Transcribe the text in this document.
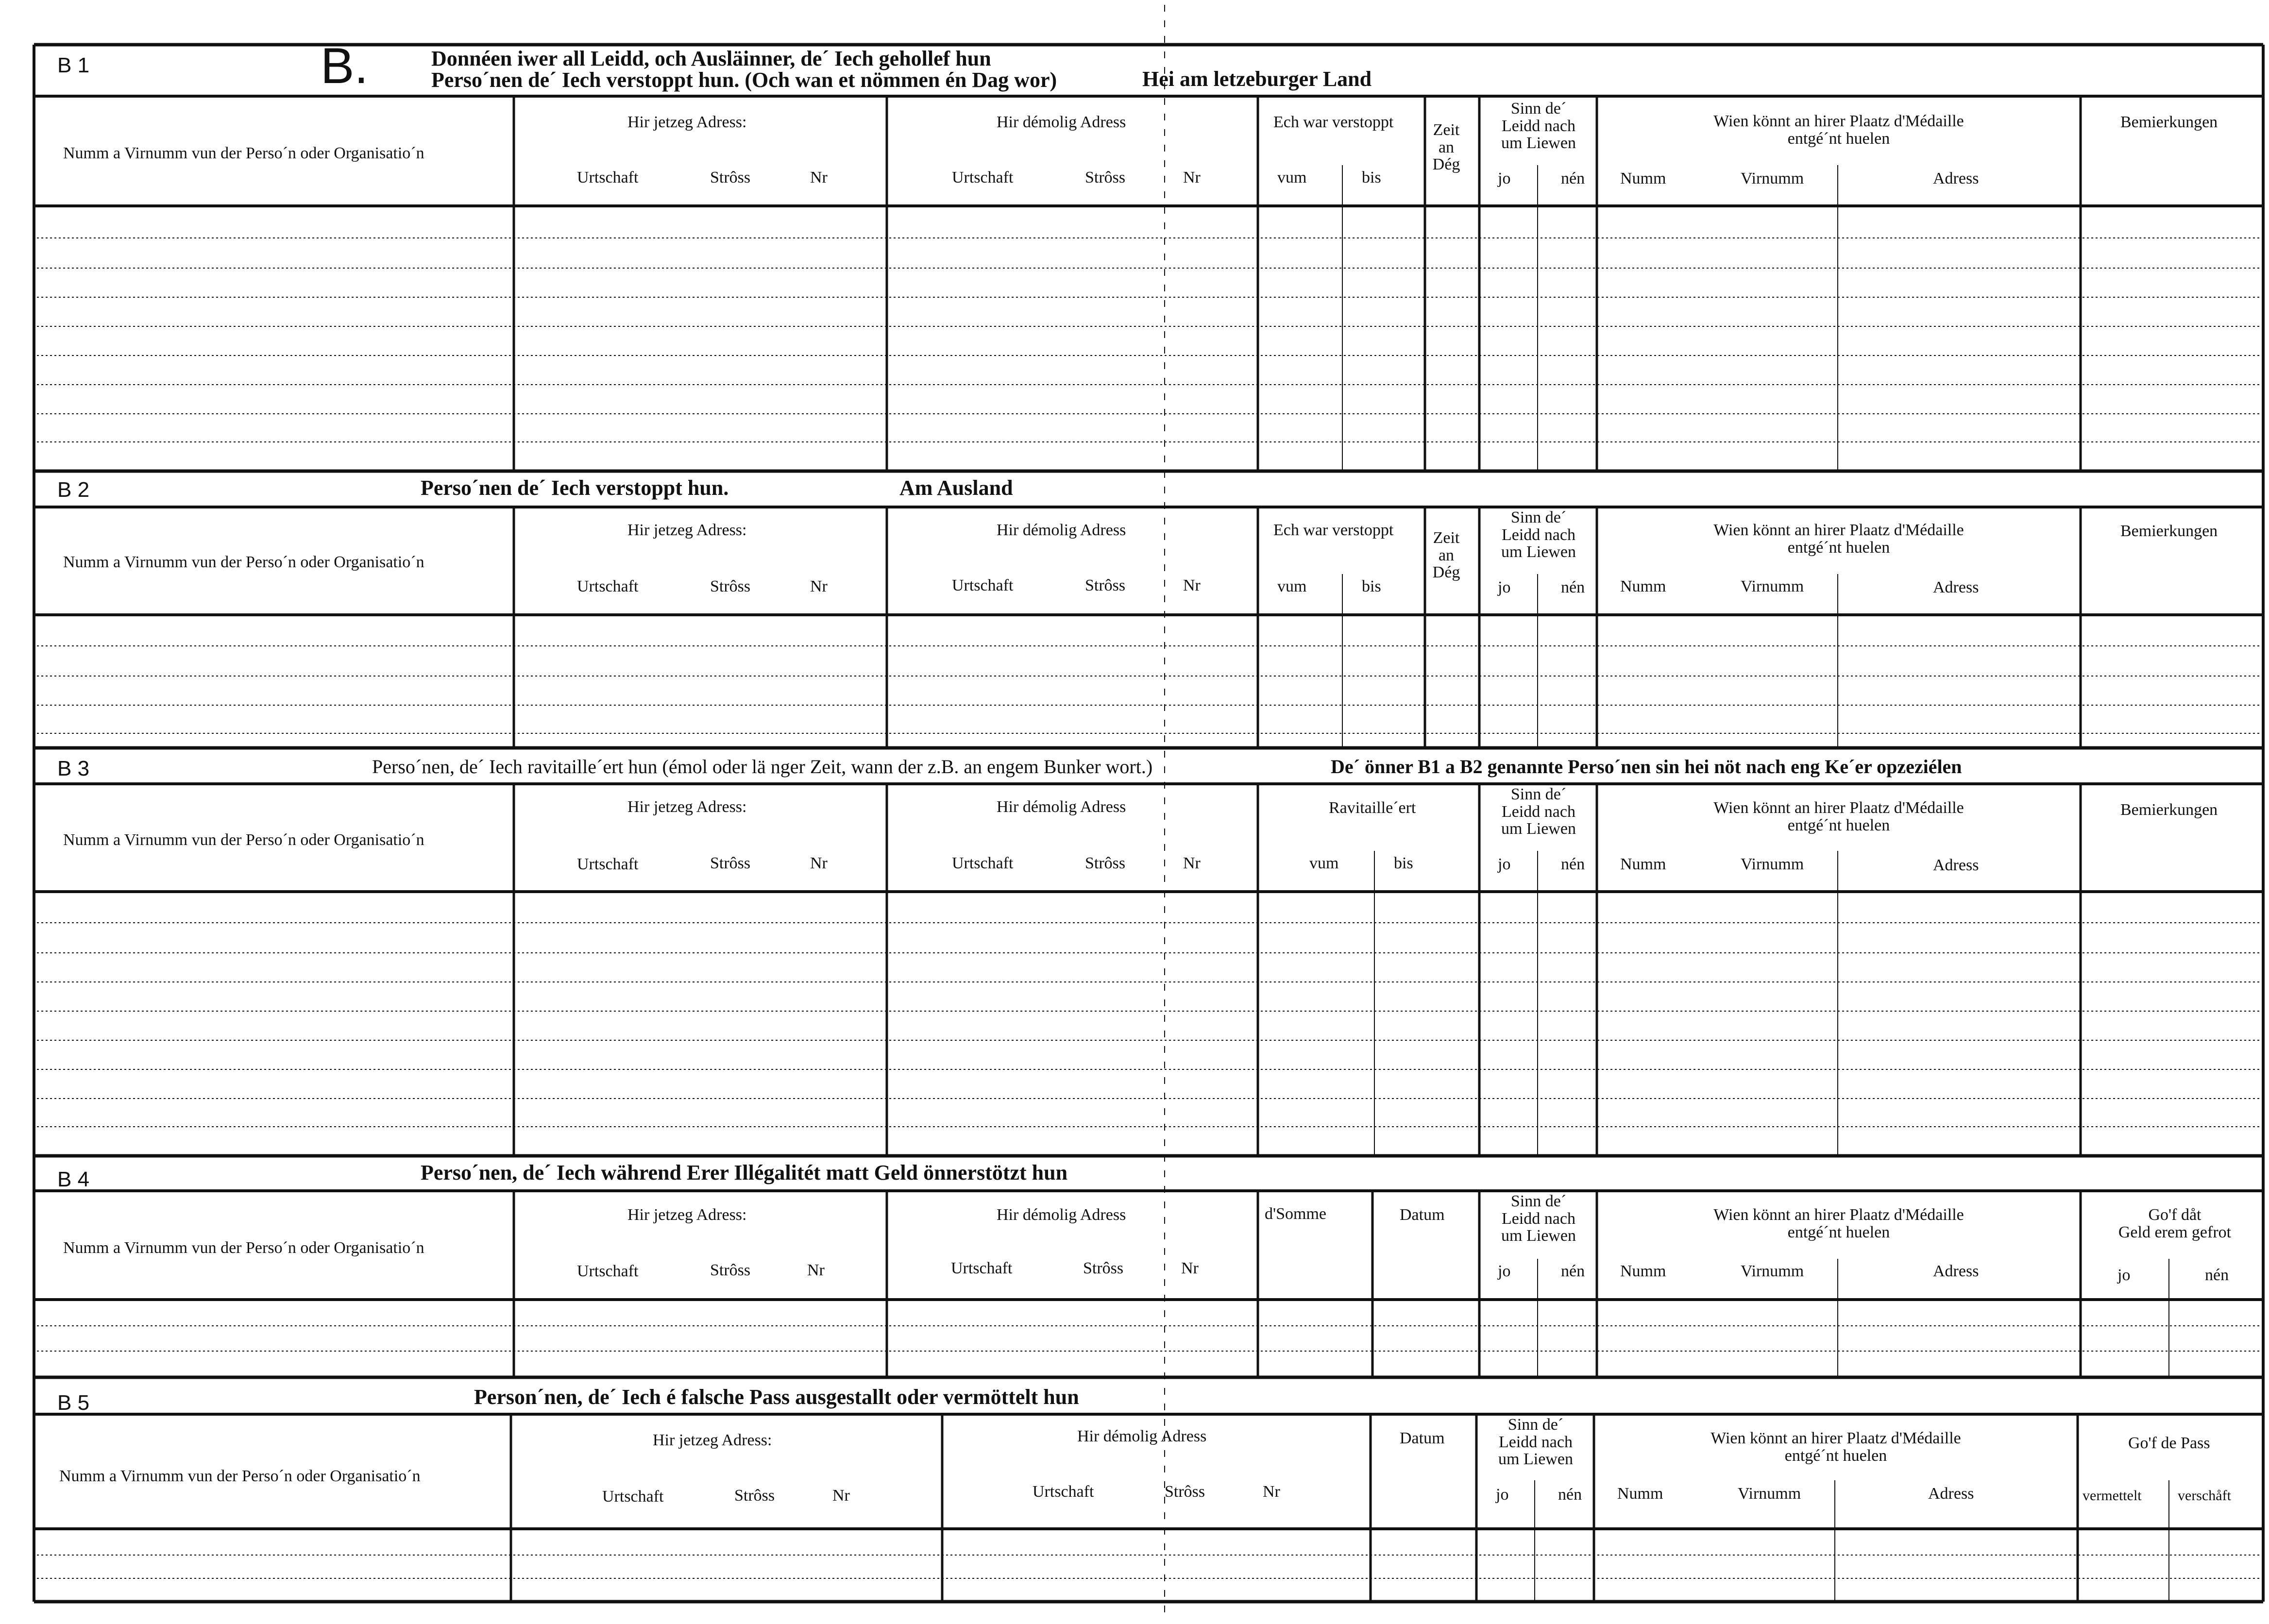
B 1	B.	Donnéen iwer all Leidd, och Ausläinner, de´ Iech gehollef hun
Perso´nen de´ Iech verstoppt hun. (Och wan et nömmen én Dag wor)	Hei am letzeburger Land
Numm a Virnumm vun der Perso´n oder Organisatio´n
Hir jetzeg Adress:
Urtschaft	Strôss	Nr
Hir démolig Adress
Urtschaft	Strôss	Nr
Ech war verstoppt
vum	bis
Zeit
an
Dég
Sinn de´
Leidd nach
um Liewen
jo	nén
Wien könnt an hirer Plaatz d'Médaille
entgé´nt huelen
Numm	Virnumm	Adress
Bemierkungen
B 2	Perso´nen de´ Iech verstoppt hun.	Am Ausland
Numm a Virnumm vun der Perso´n oder Organisatio´n
Hir jetzeg Adress:
Urtschaft	Strôss	Nr
Hir démolig Adress
Urtschaft	Strôss	Nr
Ech war verstoppt
vum	bis
Zeit
an
Dég
Sinn de´
Leidd nach
um Liewen
jo	nén
Wien könnt an hirer Plaatz d'Médaille
entgé´nt huelen
Numm	Virnumm	Adress
Bemierkungen
B 3	Perso´nen, de´ Iech ravitaille´ert hun (émol oder lä nger Zeit, wann der z.B. an engem Bunker wort.)	De´ önner B1 a B2 genannte Perso´nen sin hei nöt nach eng Ke´er opzeziélen
Numm a Virnumm vun der Perso´n oder Organisatio´n
Hir jetzeg Adress:
Urtschaft	Strôss	Nr
Hir démolig Adress
Urtschaft	Strôss	Nr
Ravitaille´ert
vum	bis
Sinn de´
Leidd nach
um Liewen
jo	nén
Wien könnt an hirer Plaatz d'Médaille
entgé´nt huelen
Numm	Virnumm	Adress
Bemierkungen
B 4	Perso´nen, de´ Iech während Erer Illégalitét matt Geld önnerstötzt hun
Numm a Virnumm vun der Perso´n oder Organisatio´n
Hir jetzeg Adress:
Urtschaft	Strôss	Nr
Hir démolig Adress
Urtschaft	Strôss	Nr
d'Somme	Datum
Sinn de´
Leidd nach
um Liewen
jo	nén
Wien könnt an hirer Plaatz d'Médaille
entgé´nt huelen
Numm	Virnumm	Adress
Go'f dåt
Geld erem gefrot
jo	nén
B 5	Person´nen, de´ Iech é falsche Pass ausgestallt oder vermöttelt hun
Numm a Virnumm vun der Perso´n oder Organisatio´n
Hir jetzeg Adress:
Urtschaft	Strôss	Nr
Hir démolig Adress
Urtschaft	Strôss	Nr
Datum
Sinn de´
Leidd nach
um Liewen
jo	nén
Wien könnt an hirer Plaatz d'Médaille
entgé´nt huelen
Numm	Virnumm	Adress
Go'f de Pass
vermettelt verschåft
